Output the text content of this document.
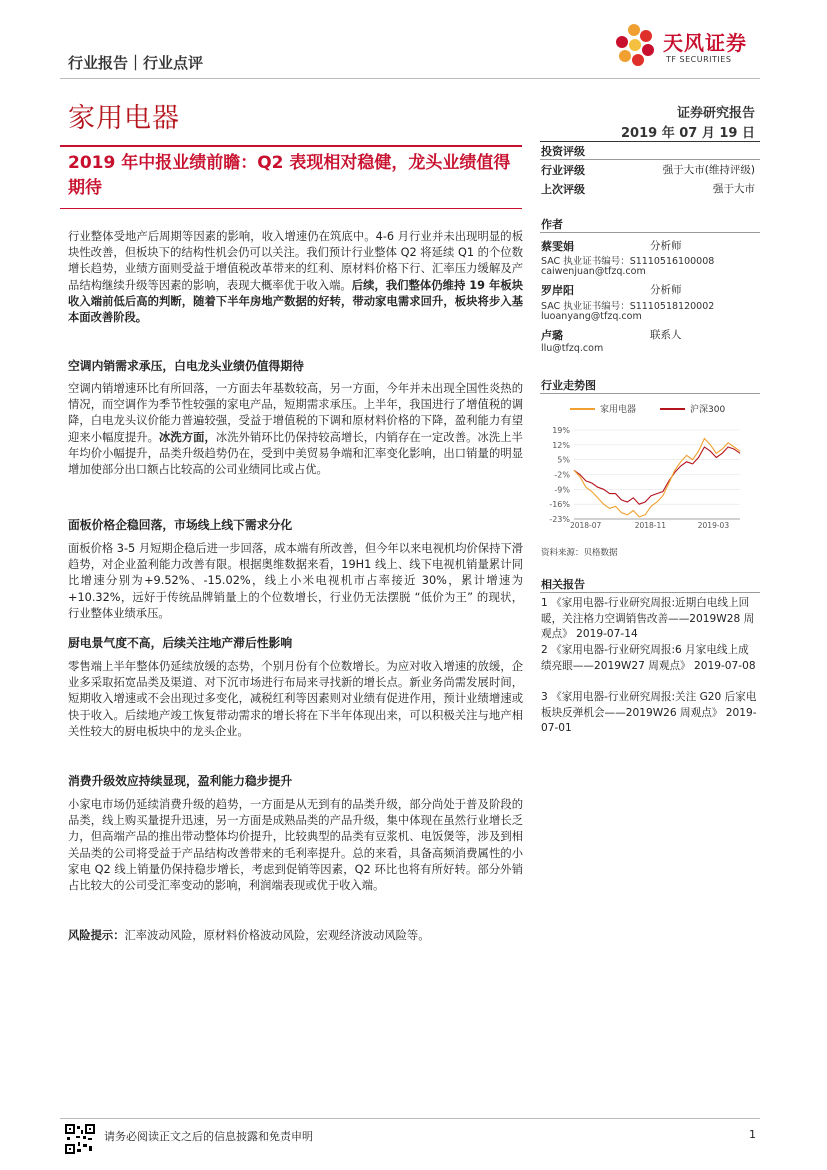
行业报告｜行业点评
天风证券
TF SECURITIES
家用电器	证券研究报告
2019 年 07 月 19 日
2019 年中报业绩前瞻：Q2 表现相对稳健，龙头业绩值得期待
行业整体受地产后周期等因素的影响，收入增速仍在筑底中。4-6 月行业并未出现明显的板块性改善，但板块下的结构性机会仍可以关注。我们预计行业整体 Q2 将延续 Q1 的个位数增长趋势，业绩方面则受益于增值税改革带来的红利、原材料价格下行、汇率压力缓解及产品结构继续升级等因素的影响，表现大概率优于收入端。后续，我们整体仍维持 19 年板块收入端前低后高的判断，随着下半年房地产数据的好转，带动家电需求回升，板块将步入基本面改善阶段。
空调内销需求承压，白电龙头业绩仍值得期待
空调内销增速环比有所回落，一方面去年基数较高，另一方面，今年并未出现全国性炎热的情况，而空调作为季节性较强的家电产品，短期需求承压。上半年，我国进行了增值税的调降，白电龙头议价能力普遍较强，受益于增值税的下调和原材料价格的下降，盈利能力有望迎来小幅度提升。冰洗方面，冰洗外销环比仍保持较高增长，内销存在一定改善。冰洗上半年均价小幅提升，品类升级趋势仍在，受到中美贸易争端和汇率变化影响，出口销量的明显增加使部分出口额占比较高的公司业绩同比或占优。
面板价格企稳回落，市场线上线下需求分化
面板价格 3-5 月短期企稳后进一步回落，成本端有所改善，但今年以来电视机均价保持下滑趋势，对企业盈利能力改善有限。根据奥维数据来看，19H1 线上、线下电视机销量累计同比增速分别为+9.52%、-15.02%，线上小米电视机市占率接近 30%，累计增速为+10.32%，远好于传统品牌销量上的个位数增长，行业仍无法摆脱 “低价为王” 的现状，行业整体业绩承压。
厨电景气度不高，后续关注地产滞后性影响
零售端上半年整体仍延续放缓的态势，个别月份有个位数增长。为应对收入增速的放缓，企业多采取拓宽品类及渠道、对下沉市场进行布局来寻找新的增长点。新业务尚需发展时间，短期收入增速或不会出现过多变化，减税红利等因素则对业绩有促进作用，预计业绩增速或快于收入。后续地产竣工恢复带动需求的增长将在下半年体现出来，可以积极关注与地产相关性较大的厨电板块中的龙头企业。
消费升级效应持续显现，盈利能力稳步提升
小家电市场仍延续消费升级的趋势，一方面是从无到有的品类升级，部分尚处于普及阶段的品类，线上购买量提升迅速，另一方面是成熟品类的产品升级，集中体现在虽然行业增长乏力，但高端产品的推出带动整体均价提升，比较典型的品类有豆浆机、电饭煲等，涉及到相关品类的公司将受益于产品结构改善带来的毛利率提升。总的来看，具备高频消费属性的小家电 Q2 线上销量仍保持稳步增长，考虑到促销等因素，Q2 环比也将有所好转。部分外销占比较大的公司受汇率变动的影响，利润端表现或优于收入端。
风险提示：汇率波动风险，原材料价格波动风险，宏观经济波动风险等。
投资评级
行业评级	强于大市(维持评级)
上次评级	强于大市
作者
蔡雯娟	分析师
SAC 执业证书编号：S1110516100008
caiwenjuan@tfzq.com
罗岸阳	分析师
SAC 执业证书编号：S1110518120002
luoanyang@tfzq.com
卢璐	联系人
llu@tfzq.com
行业走势图
家用电器	沪深300
19%
12%
5%
-2%
-9%
-16%
-23%
2018-07	2018-11	2019-03
资料来源：贝格数据
相关报告
1 《家用电器-行业研究周报:近期白电线上回暖，关注格力空调销售改善——2019W28 周观点》 2019-07-14
2 《家用电器-行业研究周报:6 月家电线上成绩亮眼——2019W27 周观点》 2019-07-08
3 《家用电器-行业研究周报:关注 G20 后家电板块反弹机会——2019W26 周观点》 2019-07-01
请务必阅读正文之后的信息披露和免责申明	1
